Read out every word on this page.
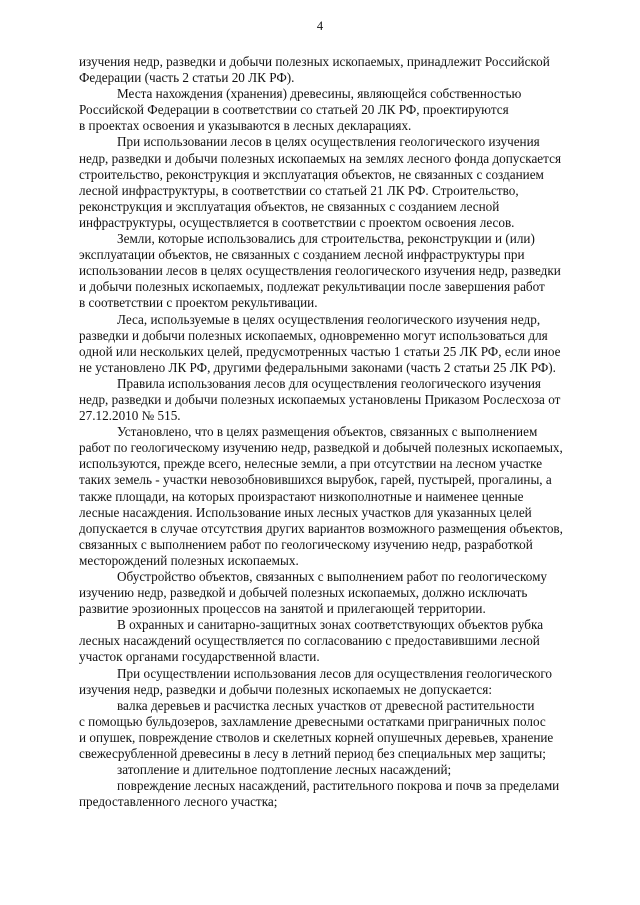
4

изучения недр, разведки и добычи полезных ископаемых, принадлежит Российской
Федерации (часть 2 статьи 20 ЛК РФ).

Места нахождения (хранения) древесины, являющейся собственностью
Российской Федерации в соответствии со статьей 20 ЛК РФ, проектируются
в проектах освоения и указываются в лесных декларациях.

При использовании лесов в целях осуществления геологического изучения
недр, разведки и добычи полезных ископаемых на землях лесного фонда допускается
строительство, реконструкция и эксплуатация объектов, не связанных с созданием
лесной инфраструктуры, в соответствии со статьей 21 ЛК РФ. Строительство,
реконструкция и эксплуатация объектов, не связанных с созданием лесной
инфраструктуры, осуществляется в соответствии с проектом освоения лесов.

Земли, которые использовались для строительства, реконструкции и (или)
эксплуатации объектов, не связанных с созданием лесной инфраструктуры при
использовании лесов в целях осуществления геологического изучения недр, разведки
и добычи полезных ископаемых, подлежат рекультивации после завершения работ
в соответствии с проектом рекультивации.

Леса, используемые в целях осуществления геологического изучения недр,
разведки и добычи полезных ископаемых, одновременно могут использоваться для
одной или нескольких целей, предусмотренных частью 1 статьи 25 ЛК РФ, если иное
не установлено ЛК РФ, другими федеральными законами (часть 2 статьи 25 ЛК РФ).

Правила использования лесов для осуществления геологического изучения
недр, разведки и добычи полезных ископаемых установлены Приказом Рослесхоза от
27.12.2010 № 515.

Установлено, что в целях размещения объектов, связанных с выполнением
работ по геологическому изучению недр, разведкой и добычей полезных ископаемых,
используются, прежде всего, нелесные земли, а при отсутствии на лесном участке
таких земель - участки невозобновившихся вырубок, гарей, пустырей, прогалины, а
также площади, на которых произрастают низкополнотные и наименее ценные
лесные насаждения. Использование иных лесных участков для указанных целей
допускается в случае отсутствия других вариантов возможного размещения объектов,
связанных с выполнением работ по геологическому изучению недр, разработкой
месторождений полезных ископаемых.

Обустройство объектов, связанных с выполнением работ по геологическому
изучению недр, разведкой и добычей полезных ископаемых, должно исключать
развитие эрозионных процессов на занятой и прилегающей территории.

В охранных и санитарно-защитных зонах соответствующих объектов рубка
лесных насаждений осуществляется по согласованию с предоставившими лесной
участок органами государственной власти.

При осуществлении использования лесов для осуществления геологического
изучения недр, разведки и добычи полезных ископаемых не допускается:

валка деревьев и расчистка лесных участков от древесной растительности
с помощью бульдозеров, захламление древесными остатками приграничных полос
и опушек, повреждение стволов и скелетных корней опушечных деревьев, хранение
свежесрубленной древесины в лесу в летний период без специальных мер защиты;

затопление и длительное подтопление лесных насаждений;

повреждение лесных насаждений, растительного покрова и почв за пределами
предоставленного лесного участка;
